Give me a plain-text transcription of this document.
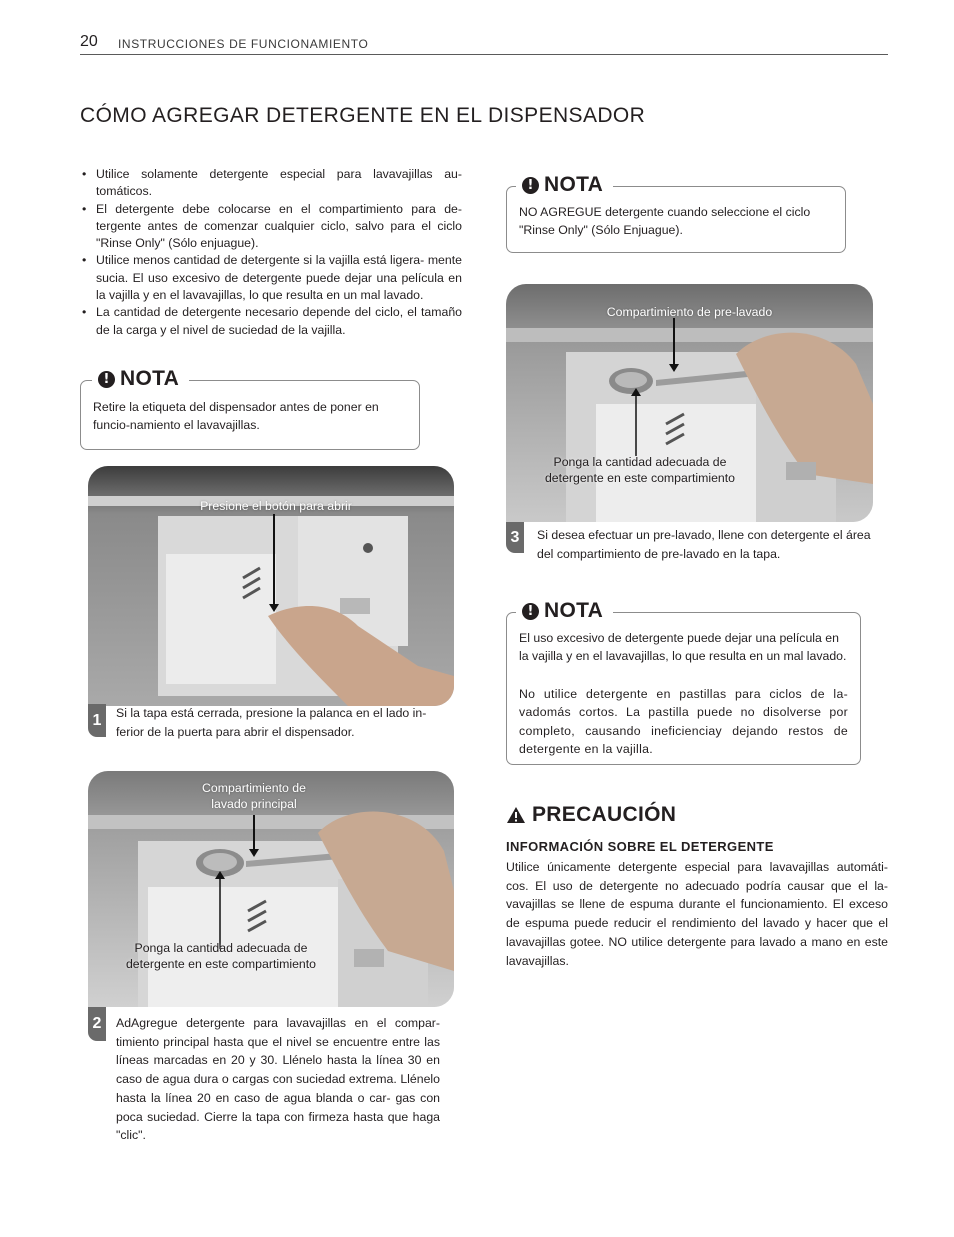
20 INSTRUCCIONES DE FUNCIONAMIENTO
CÓMO AGREGAR DETERGENTE EN EL DISPENSADOR
• Utilice solamente detergente especial para lavavajillas au- tomáticos.
• El detergente debe colocarse en el compartimiento para de- tergente antes de comenzar cualquier ciclo, salvo para el ciclo "Rinse Only" (Sólo enjuague).
• Utilice menos cantidad de detergente si la vajilla está ligera- mente sucia. El uso excesivo de detergente puede dejar una película en la vajilla y en el lavavajillas, lo que resulta en un mal lavado.
• La cantidad de detergente necesario depende del ciclo, el tamaño de la carga y el nivel de suciedad de la vajilla.
Retire la etiqueta del dispensador antes de poner en funcio-namiento el lavavajillas.
! NOTA
NO AGREGUE detergente cuando seleccione el ciclo "Rinse Only" (Sólo Enjuague).
! NOTA
Compartimiento de pre-lavado
Ponga la cantidad adecuada de detergente en este compartimiento
3	Si desea efectuar un pre-lavado, llene con detergente el área del compartimiento de pre-lavado en la tapa.
El uso excesivo de detergente puede dejar una película en la vajilla y en el lavavajillas, lo que resulta en un mal lavado.
No utilice detergente en pastillas para ciclos de la- vadomás cortos. La pastilla puede no disolverse por completo, causando ineficienciay dejando restos de detergente en la vajilla.
! NOTA
PRECAUCIÓN
INFORMACIÓN SOBRE EL DETERGENTE
Utilice únicamente detergente especial para lavavajillas automáti- cos. El uso de detergente no adecuado podría causar que el la- vavajillas se llene de espuma durante el funcionamiento. El exceso de espuma puede reducir el rendimiento del lavado y hacer que el lavavajillas gotee. NO utilice detergente para lavado a mano en este lavavajillas.
Presione el botón para abrir
1	Si la tapa está cerrada, presione la palanca en el lado in- ferior de la puerta para abrir el dispensador.
Compartimiento de lavado principal
Ponga la cantidad adecuada de detergente en este compartimiento
2	AdAgregue detergente para lavavajillas en el compar- timiento principal hasta que el nivel se encuentre entre las líneas marcadas en 20 y 30. Llénelo hasta la línea 30 en caso de agua dura o cargas con suciedad extrema. Llénelo hasta la línea 20 en caso de agua blanda o car- gas con poca suciedad. Cierre la tapa con firmeza hasta que haga "clic".
